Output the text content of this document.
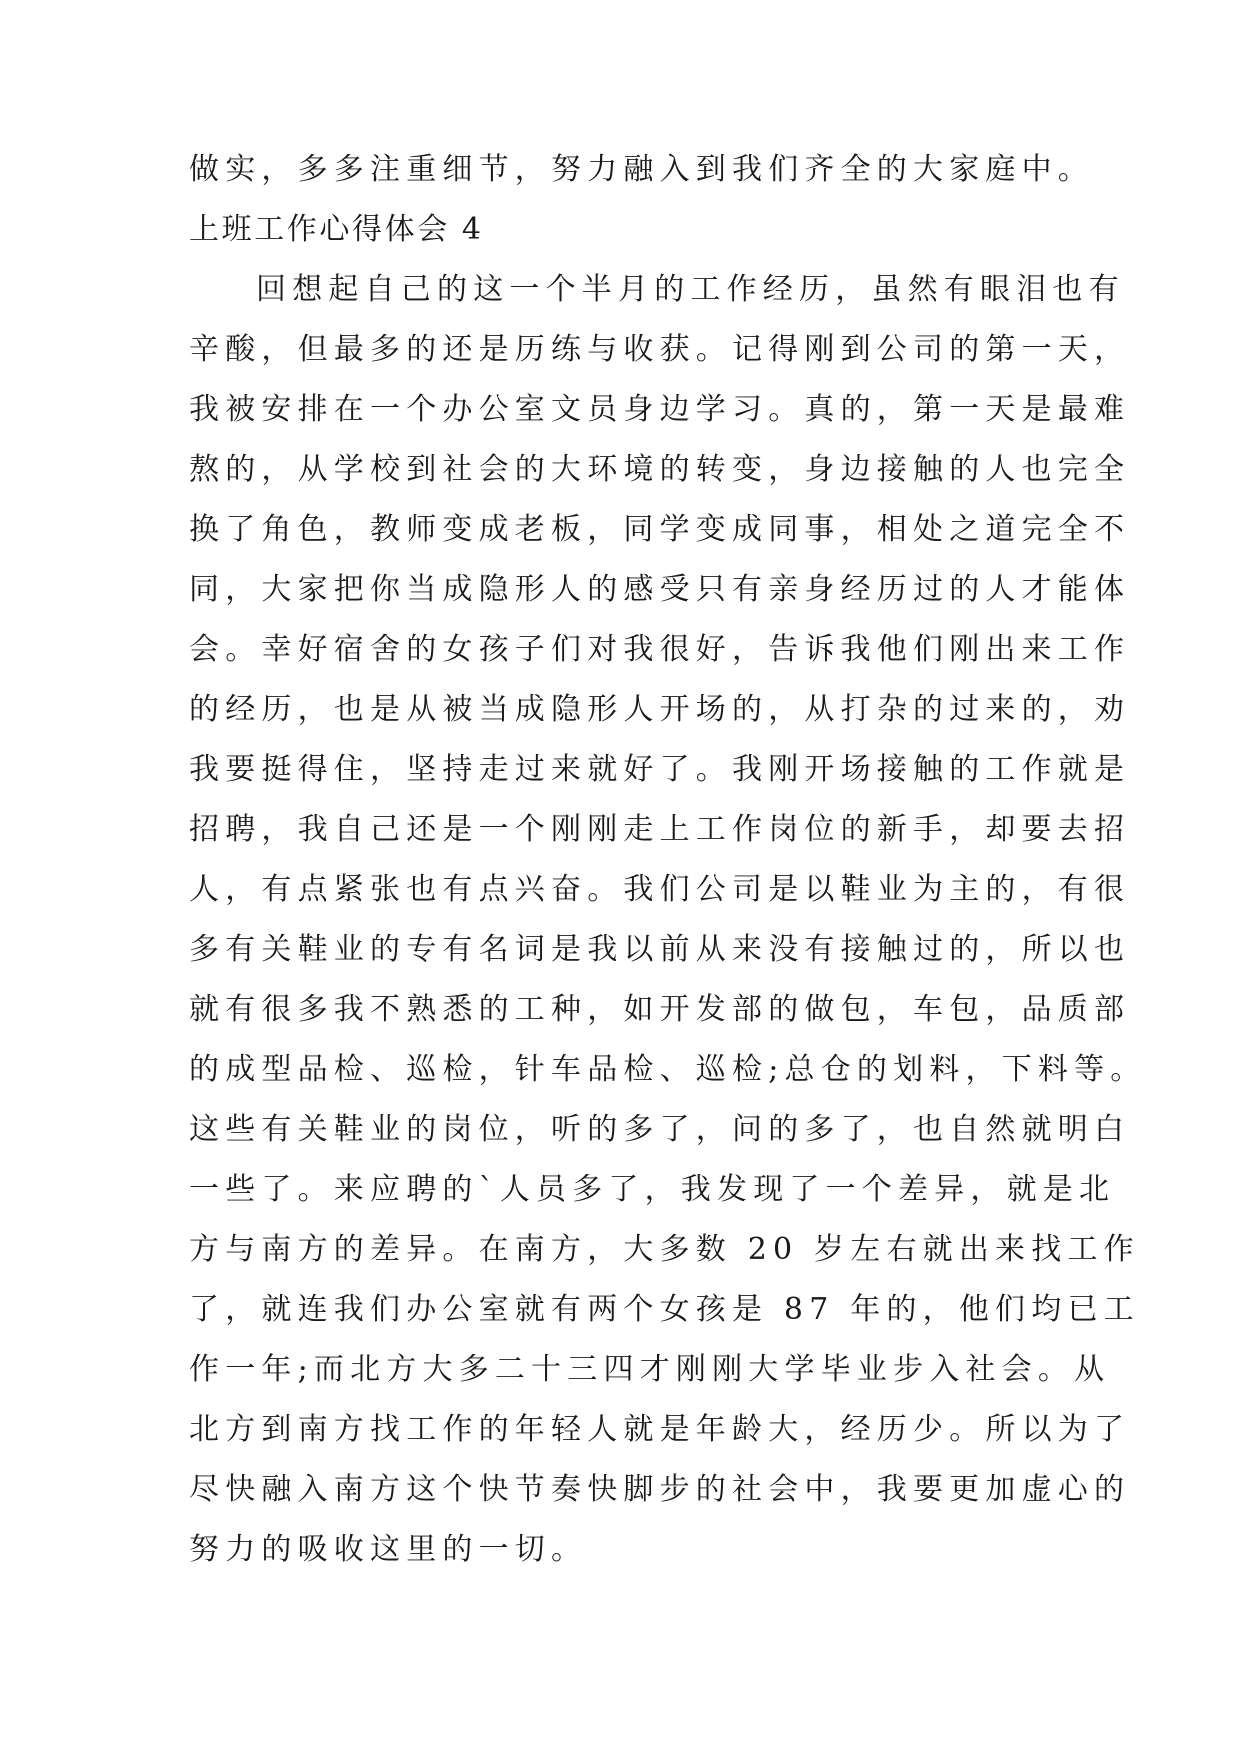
做实，多多注重细节，努力融入到我们齐全的大家庭中。

上班工作心得体会 4

回想起自己的这一个半月的工作经历，虽然有眼泪也有

辛酸，但最多的还是历练与收获。记得刚到公司的第一天，

我被安排在一个办公室文员身边学习。真的，第一天是最难

熬的，从学校到社会的大环境的转变，身边接触的人也完全

换了角色，教师变成老板，同学变成同事，相处之道完全不

同，大家把你当成隐形人的感受只有亲身经历过的人才能体

会。幸好宿舍的女孩子们对我很好，告诉我他们刚出来工作

的经历，也是从被当成隐形人开场的，从打杂的过来的，劝

我要挺得住，坚持走过来就好了。我刚开场接触的工作就是

招聘，我自己还是一个刚刚走上工作岗位的新手，却要去招

人，有点紧张也有点兴奋。我们公司是以鞋业为主的，有很

多有关鞋业的专有名词是我以前从来没有接触过的，所以也

就有很多我不熟悉的工种，如开发部的做包，车包，品质部

的成型品检、巡检，针车品检、巡检;总仓的划料，下料等。

这些有关鞋业的岗位，听的多了，问的多了，也自然就明白

一些了。来应聘的`人员多了，我发现了一个差异，就是北

方与南方的差异。在南方，大多数 20 岁左右就出来找工作

了，就连我们办公室就有两个女孩是 87 年的，他们均已工

作一年;而北方大多二十三四才刚刚大学毕业步入社会。从

北方到南方找工作的年轻人就是年龄大，经历少。所以为了

尽快融入南方这个快节奏快脚步的社会中，我要更加虚心的

努力的吸收这里的一切。
